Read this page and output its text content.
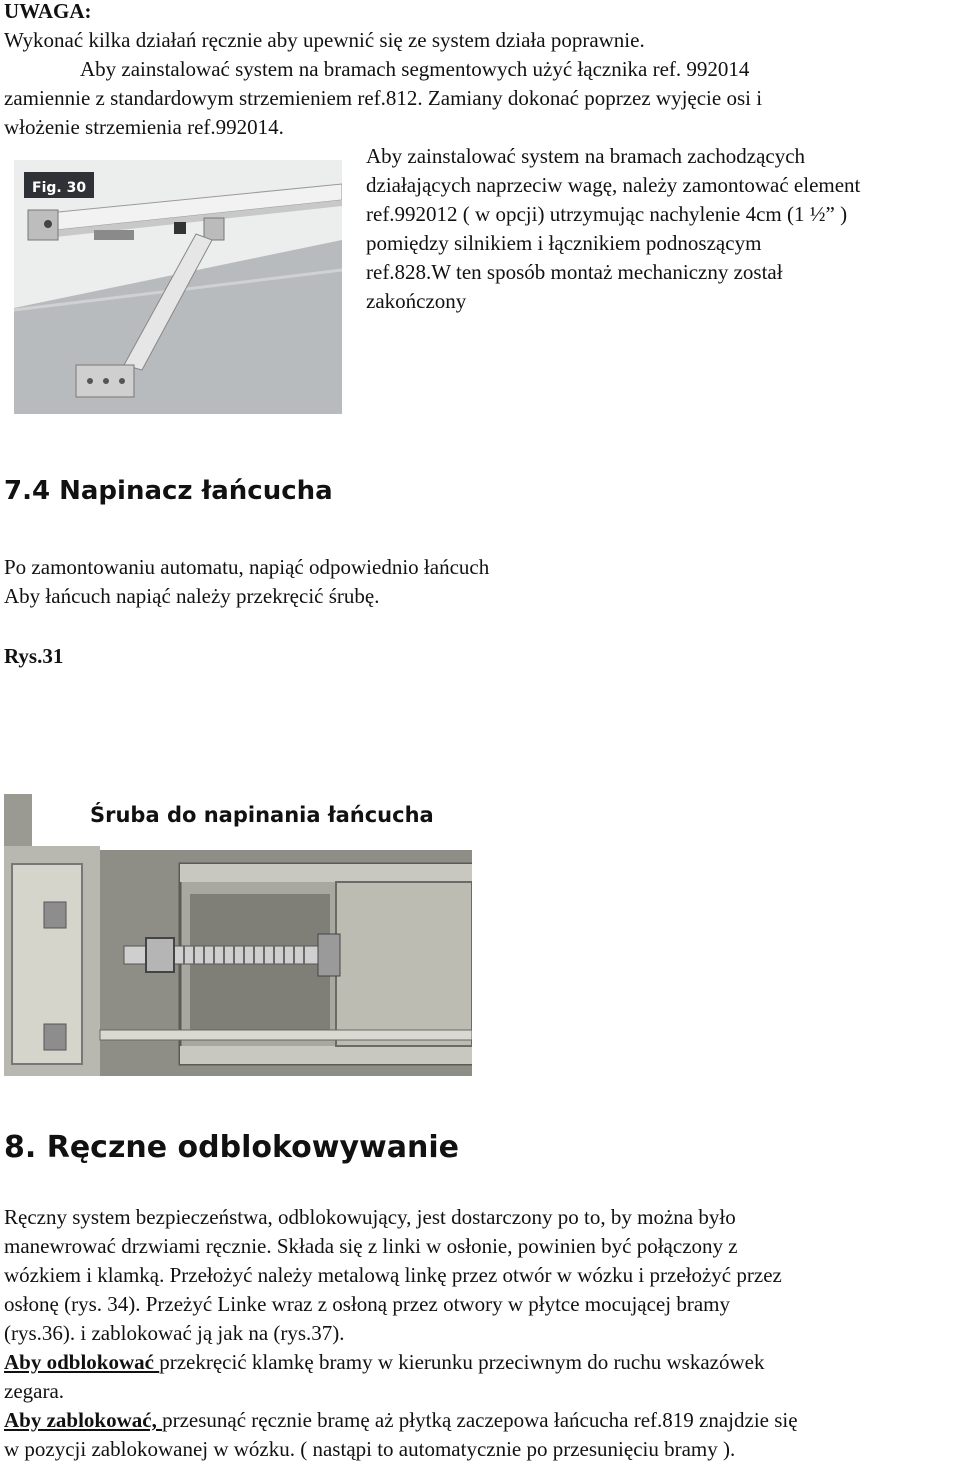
UWAGA:
Wykonać kilka działań ręcznie aby upewnić się ze system działa poprawnie.
Aby zainstalować system na bramach segmentowych użyć łącznika ref. 992014
zamiennie z standardowym strzemieniem ref.812. Zamiany dokonać poprzez wyjęcie osi i
włożenie strzemienia ref.992014.
Fig. 30
Aby zainstalować system na bramach zachodzących
działających naprzeciw wagę, należy zamontować element
ref.992012 ( w opcji) utrzymując nachylenie 4cm (1 ½” )
pomiędzy silnikiem i łącznikiem podnoszącym
ref.828.W ten sposób montaż mechaniczny został
zakończony
7.4 Napinacz łańcucha
Po zamontowaniu automatu, napiąć odpowiednio łańcuch
Aby łańcuch napiąć należy przekręcić śrubę.
Rys.31
Śruba do napinania łańcucha
8. Ręczne odblokowywanie
Ręczny system bezpieczeństwa, odblokowujący, jest dostarczony po to, by można było
manewrować drzwiami ręcznie. Składa się z linki w osłonie, powinien być połączony z
wózkiem i klamką. Przełożyć należy metalową linkę przez otwór w wózku i przełożyć przez
osłonę (rys. 34). Przeżyć Linke wraz z osłoną przez otwory w płytce mocującej bramy
(rys.36). i zablokować ją jak na (rys.37).
Aby odblokować przekręcić klamkę bramy w kierunku przeciwnym do ruchu wskazówek
zegara.
Aby zablokować, przesunąć ręcznie bramę aż płytką zaczepowa łańcucha ref.819 znajdzie się
w pozycji zablokowanej w wózku. ( nastąpi to automatycznie po przesunięciu bramy ).
